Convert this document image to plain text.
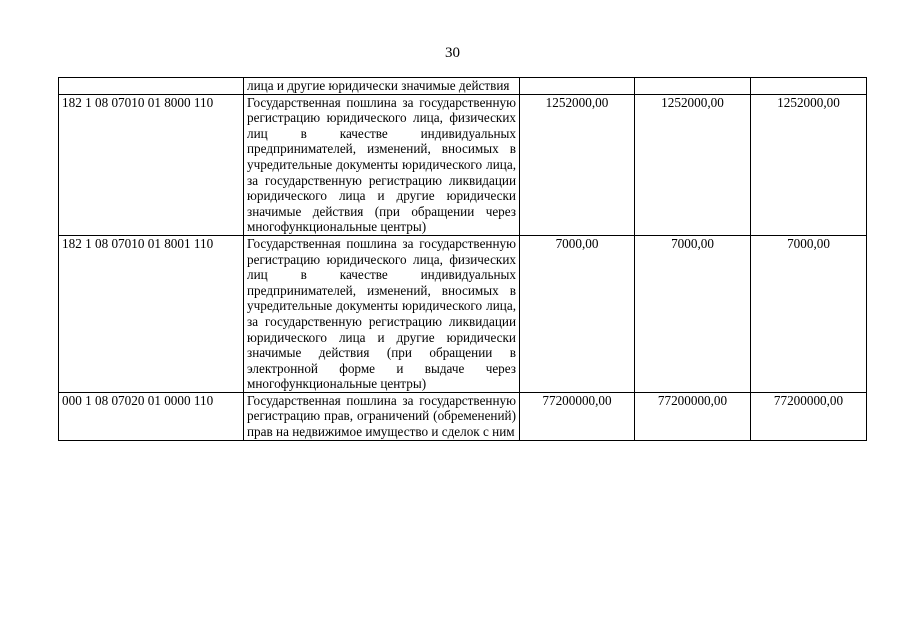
30
	лица и другие юридически значимые действия			
182 1 08 07010 01 8000 110	Государственная пошлина за государственную регистрацию юридического лица, физических лиц в качестве индивидуальных предпринимателей, изменений, вносимых в учредительные документы юридического лица, за государственную регистрацию ликвидации юридического лица и другие юридически значимые действия (при обращении через многофункциональные центры)	1252000,00	1252000,00	1252000,00
182 1 08 07010 01 8001 110	Государственная пошлина за государственную регистрацию юридического лица, физических лиц в качестве индивидуальных предпринимателей, изменений, вносимых в учредительные документы юридического лица, за государственную регистрацию ликвидации юридического лица и другие юридически значимые действия (при обращении в электронной форме и выдаче через многофункциональные центры)	7000,00	7000,00	7000,00
000 1 08 07020 01 0000 110	Государственная пошлина за государственную регистрацию прав, ограничений (обременений) прав на недвижимое имущество и сделок с ним	77200000,00	77200000,00	77200000,00
